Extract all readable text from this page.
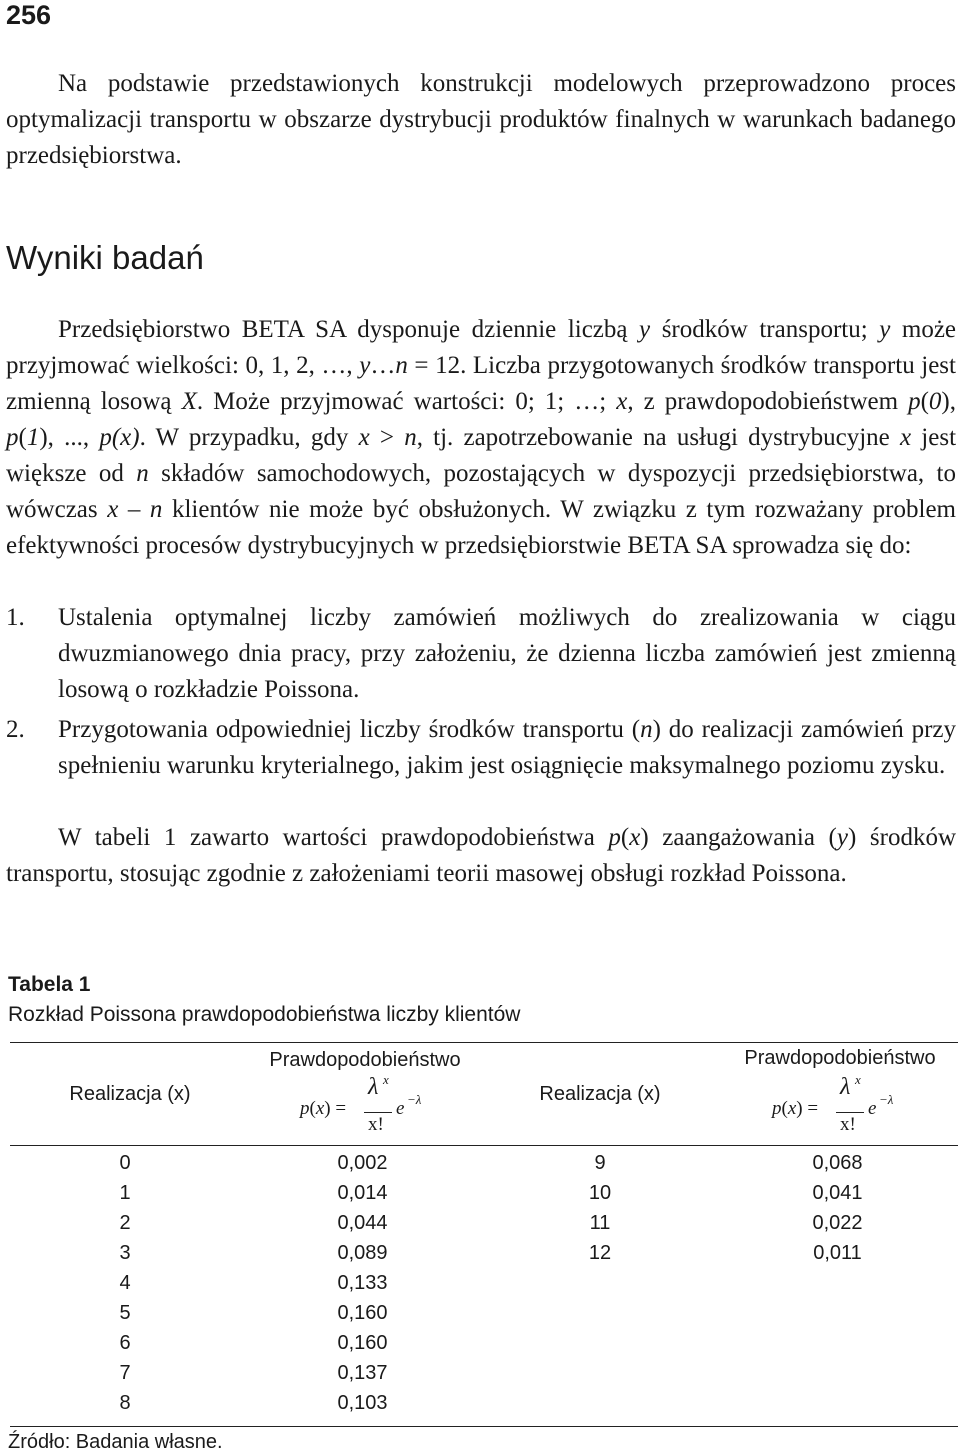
256

Na podstawie przedstawionych konstrukcji modelowych przeprowadzono proces optymalizacji transportu w obszarze dystrybucji produktów finalnych w warunkach badanego przedsiębiorstwa.

Wyniki badań

Przedsiębiorstwo BETA SA dysponuje dziennie liczbą y środków transportu; y może przyjmować wielkości: 0, 1, 2, …, y…n = 12. Liczba przygotowanych środków transportu jest zmienną losową X. Może przyjmować wartości: 0; 1; …; x, z prawdopodobieństwem p(0), p(1), ..., p(x). W przypadku, gdy x > n, tj. zapotrzebowanie na usługi dystrybucyjne x jest większe od n składów samochodowych, pozostających w dyspozycji przedsiębiorstwa, to wówczas x – n klientów nie może być obsłużonych. W związku z tym rozważany problem efektywności procesów dystrybucyjnych w przedsiębiorstwie BETA SA sprowadza się do:

1. Ustalenia optymalnej liczby zamówień możliwych do zrealizowania w ciągu dwuzmianowego dnia pracy, przy założeniu, że dzienna liczba zamówień jest zmienną losową o rozkładzie Poissona.
2. Przygotowania odpowiedniej liczby środków transportu (n) do realizacji zamówień przy spełnieniu warunku kryterialnego, jakim jest osiągnięcie maksymalnego poziomu zysku.

W tabeli 1 zawarto wartości prawdopodobieństwa p(x) zaangażowania (y) środków transportu, stosując zgodnie z założeniami teorii masowej obsługi rozkład Poissona.

Tabela 1
Rozkład Poissona prawdopodobieństwa liczby klientów
Realizacja (x)
Prawdopodobieństwo
p(x) =
λ x
x!
e −λ	Realizacja (x)
Prawdopodobieństwo
p(x) =
λ x
x!
e −λ
0
1
2
3
4
5
6
7
8
0,002
0,014
0,044
0,089
0,133
0,160
0,160
0,137
0,103
9
10
11
12
0,068
0,041
0,022
0,011
Źródło: Badania własne.
